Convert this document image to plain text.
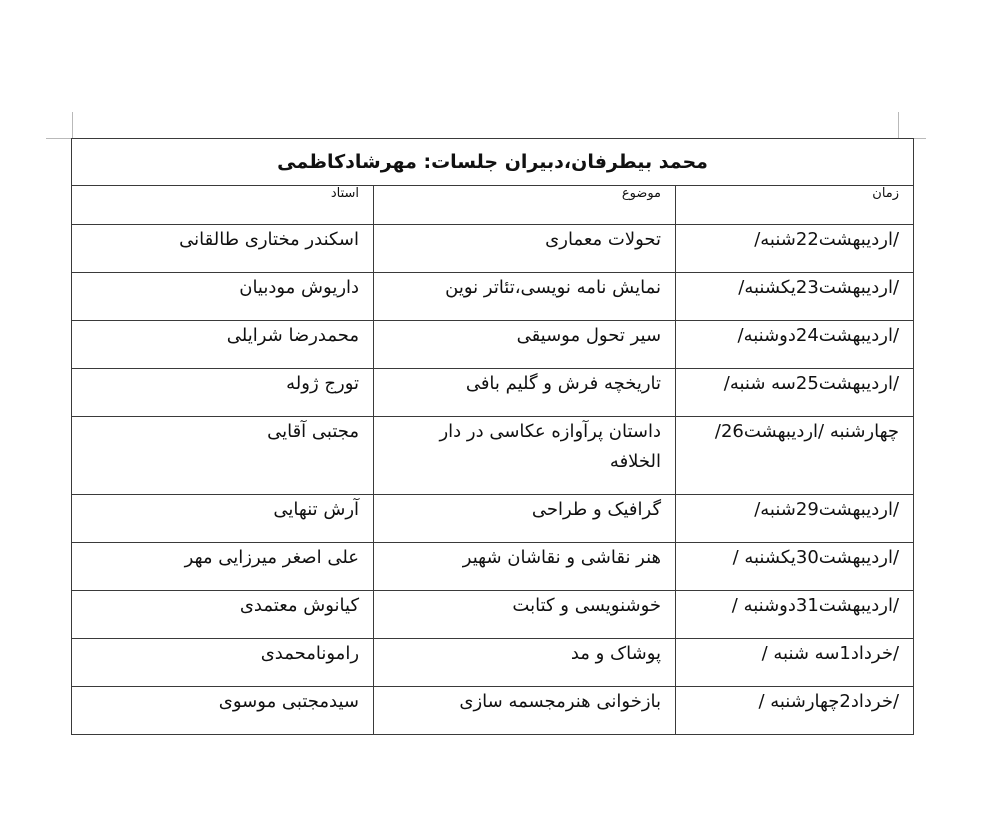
محمد بیطرفان،دبیران جلسات: مهرشادکاظمی		
زمان	موضوع	استاد
/اردیبهشت22شنبه/	تحولات معماری	اسکندر مختاری طالقانی
/اردیبهشت23یکشنبه/	نمایش نامه نویسی،تئاتر نوین	داریوش مودبیان
/اردیبهشت24دوشنبه/	سیر تحول موسیقی	محمدرضا شرایلی
/اردیبهشت25سه شنبه/	تاریخچه فرش و گلیم بافی	تورج ژوله
چهارشنبه /اردیبهشت26/	داستان پرآوازه عکاسی در دار الخلافه	مجتبی آقایی
/اردیبهشت29شنبه/	گرافیک و طراحی	آرش تنهایی
/اردیبهشت30یکشنبه /	هنر نقاشی و نقاشان شهیر	علی اصغر میرزایی مهر
/اردیبهشت31دوشنبه /	خوشنویسی و کتابت	کیانوش معتمدی
/خرداد1سه شنبه /	پوشاک و مد	رامونامحمدی
/خرداد2چهارشنبه /	بازخوانی هنرمجسمه سازی	سیدمجتبی موسوی
